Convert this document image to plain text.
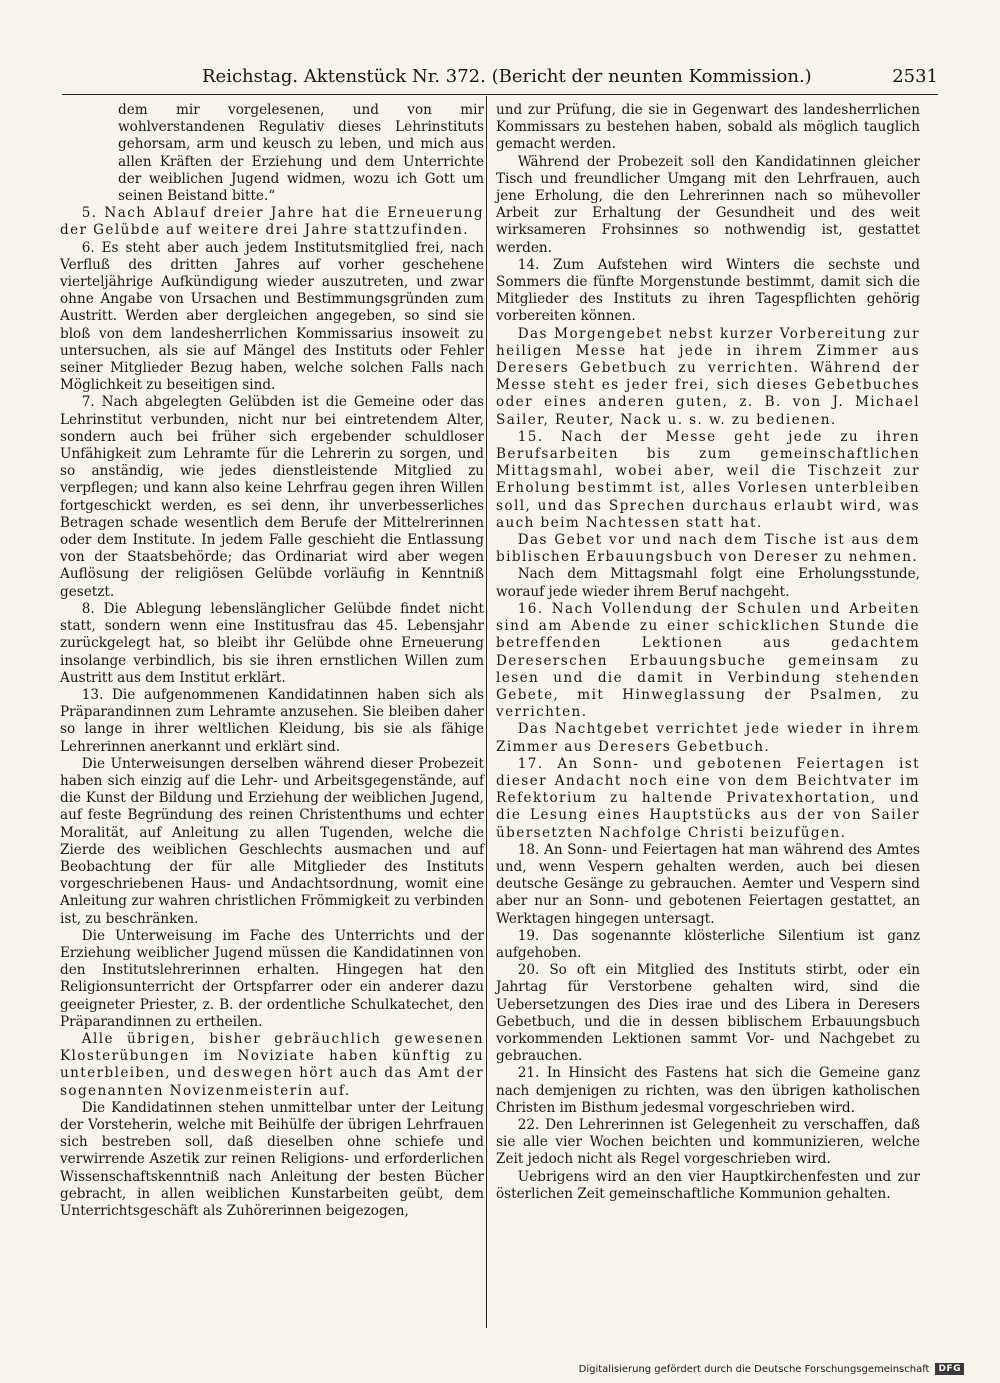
Reichstag. Aktenstück Nr. 372. (Bericht der neunten Kommission.)	2531

dem mir vorgelesenen, und von mir wohlverstandenen Regulativ dieses Lehrinstituts gehorsam, arm und keusch zu leben, und mich aus allen Kräften der Erziehung und dem Unterrichte der weiblichen Jugend widmen, wozu ich Gott um seinen Beistand bitte.“

5. Nach Ablauf dreier Jahre hat die Erneuerung der Gelübde auf weitere drei Jahre stattzufinden.

6. Es steht aber auch jedem Institutsmitglied frei, nach Verfluß des dritten Jahres auf vorher geschehene vierteljährige Aufkündigung wieder auszutreten, und zwar ohne Angabe von Ursachen und Bestimmungsgründen zum Austritt. Werden aber dergleichen angegeben, so sind sie bloß von dem landesherrlichen Kommissarius insoweit zu untersuchen, als sie auf Mängel des Instituts oder Fehler seiner Mitglieder Bezug haben, welche solchen Falls nach Möglichkeit zu beseitigen sind.

7. Nach abgelegten Gelübden ist die Gemeine oder das Lehrinstitut verbunden, nicht nur bei eintretendem Alter, sondern auch bei früher sich ergebender schuldloser Unfähigkeit zum Lehramte für die Lehrerin zu sorgen, und so anständig, wie jedes dienstleistende Mitglied zu verpflegen; und kann also keine Lehrfrau gegen ihren Willen fortgeschickt werden, es sei denn, ihr unverbesserliches Betragen schade wesentlich dem Berufe der Mittelrerinnen oder dem Institute. In jedem Falle geschieht die Entlassung von der Staatsbehörde; das Ordinariat wird aber wegen Auflösung der religiösen Gelübde vorläufig in Kenntniß gesetzt.

8. Die Ablegung lebenslänglicher Gelübde findet nicht statt, sondern wenn eine Institusfrau das 45. Lebensjahr zurückgelegt hat, so bleibt ihr Gelübde ohne Erneuerung insolange verbindlich, bis sie ihren ernstlichen Willen zum Austritt aus dem Institut erklärt.

13. Die aufgenommenen Kandidatinnen haben sich als Präparandinnen zum Lehramte anzusehen. Sie bleiben daher so lange in ihrer weltlichen Kleidung, bis sie als fähige Lehrerinnen anerkannt und erklärt sind.

Die Unterweisungen derselben während dieser Probezeit haben sich einzig auf die Lehr- und Arbeitsgegenstände, auf die Kunst der Bildung und Erziehung der weiblichen Jugend, auf feste Begründung des reinen Christenthums und echter Moralität, auf Anleitung zu allen Tugenden, welche die Zierde des weiblichen Geschlechts ausmachen und auf Beobachtung der für alle Mitglieder des Instituts vorgeschriebenen Haus- und Andachtsordnung, womit eine Anleitung zur wahren christlichen Frömmigkeit zu verbinden ist, zu beschränken.

Die Unterweisung im Fache des Unterrichts und der Erziehung weiblicher Jugend müssen die Kandidatinnen von den Institutslehrerinnen erhalten. Hingegen hat den Religionsunterricht der Ortspfarrer oder ein anderer dazu geeigneter Priester, z. B. der ordentliche Schulkatechet, den Präparandinnen zu ertheilen.

Alle übrigen, bisher gebräuchlich gewesenen Klosterübungen im Noviziate haben künftig zu unterbleiben, und deswegen hört auch das Amt der sogenannten Novizenmeisterin auf.

Die Kandidatinnen stehen unmittelbar unter der Leitung der Vorsteherin, welche mit Beihülfe der übrigen Lehrfrauen sich bestreben soll, daß dieselben ohne schiefe und verwirrende Aszetik zur reinen Religions- und erforderlichen Wissenschaftskenntniß nach Anleitung der besten Bücher gebracht, in allen weiblichen Kunstarbeiten geübt, dem Unterrichtsgeschäft als Zuhörerinnen beigezogen,

und zur Prüfung, die sie in Gegenwart des landesherrlichen Kommissars zu bestehen haben, sobald als möglich tauglich gemacht werden.

Während der Probezeit soll den Kandidatinnen gleicher Tisch und freundlicher Umgang mit den Lehrfrauen, auch jene Erholung, die den Lehrerinnen nach so mühevoller Arbeit zur Erhaltung der Gesundheit und des weit wirksameren Frohsinnes so nothwendig ist, gestattet werden.

14. Zum Aufstehen wird Winters die sechste und Sommers die fünfte Morgenstunde bestimmt, damit sich die Mitglieder des Instituts zu ihren Tagespflichten gehörig vorbereiten können.

Das Morgengebet nebst kurzer Vorbereitung zur heiligen Messe hat jede in ihrem Zimmer aus Deresers Gebetbuch zu verrichten. Während der Messe steht es jeder frei, sich dieses Gebetbuches oder eines anderen guten, z. B. von J. Michael Sailer, Reuter, Nack u. s. w. zu bedienen.

15. Nach der Messe geht jede zu ihren Berufsarbeiten bis zum gemeinschaftlichen Mittagsmahl, wobei aber, weil die Tischzeit zur Erholung bestimmt ist, alles Vorlesen unterbleiben soll, und das Sprechen durchaus erlaubt wird, was auch beim Nachtessen statt hat.

Das Gebet vor und nach dem Tische ist aus dem biblischen Erbauungsbuch von Dereser zu nehmen.

Nach dem Mittagsmahl folgt eine Erholungsstunde, worauf jede wieder ihrem Beruf nachgeht.

16. Nach Vollendung der Schulen und Arbeiten sind am Abende zu einer schicklichen Stunde die betreffenden Lektionen aus gedachtem Dereserschen Erbauungsbuche gemeinsam zu lesen und die damit in Verbindung stehenden Gebete, mit Hinweglassung der Psalmen, zu verrichten.

Das Nachtgebet verrichtet jede wieder in ihrem Zimmer aus Deresers Gebetbuch.

17. An Sonn- und gebotenen Feiertagen ist dieser Andacht noch eine von dem Beichtvater im Refektorium zu haltende Privatexhortation, und die Lesung eines Hauptstücks aus der von Sailer übersetzten Nachfolge Christi beizufügen.

18. An Sonn- und Feiertagen hat man während des Amtes und, wenn Vespern gehalten werden, auch bei diesen deutsche Gesänge zu gebrauchen. Aemter und Vespern sind aber nur an Sonn- und gebotenen Feiertagen gestattet, an Werktagen hingegen untersagt.

19. Das sogenannte klösterliche Silentium ist ganz aufgehoben.

20. So oft ein Mitglied des Instituts stirbt, oder ein Jahrtag für Verstorbene gehalten wird, sind die Uebersetzungen des Dies irae und des Libera in Deresers Gebetbuch, und die in dessen biblischem Erbauungsbuch vorkommenden Lektionen sammt Vor- und Nachgebet zu gebrauchen.

21. In Hinsicht des Fastens hat sich die Gemeine ganz nach demjenigen zu richten, was den übrigen katholischen Christen im Bisthum jedesmal vorgeschrieben wird.

22. Den Lehrerinnen ist Gelegenheit zu verschaffen, daß sie alle vier Wochen beichten und kommunizieren, welche Zeit jedoch nicht als Regel vorgeschrieben wird.

Uebrigens wird an den vier Hauptkirchenfesten und zur österlichen Zeit gemeinschaftliche Kommunion gehalten.

Digitalisierung gefördert durch die Deutsche Forschungsgemeinschaft	DFG
